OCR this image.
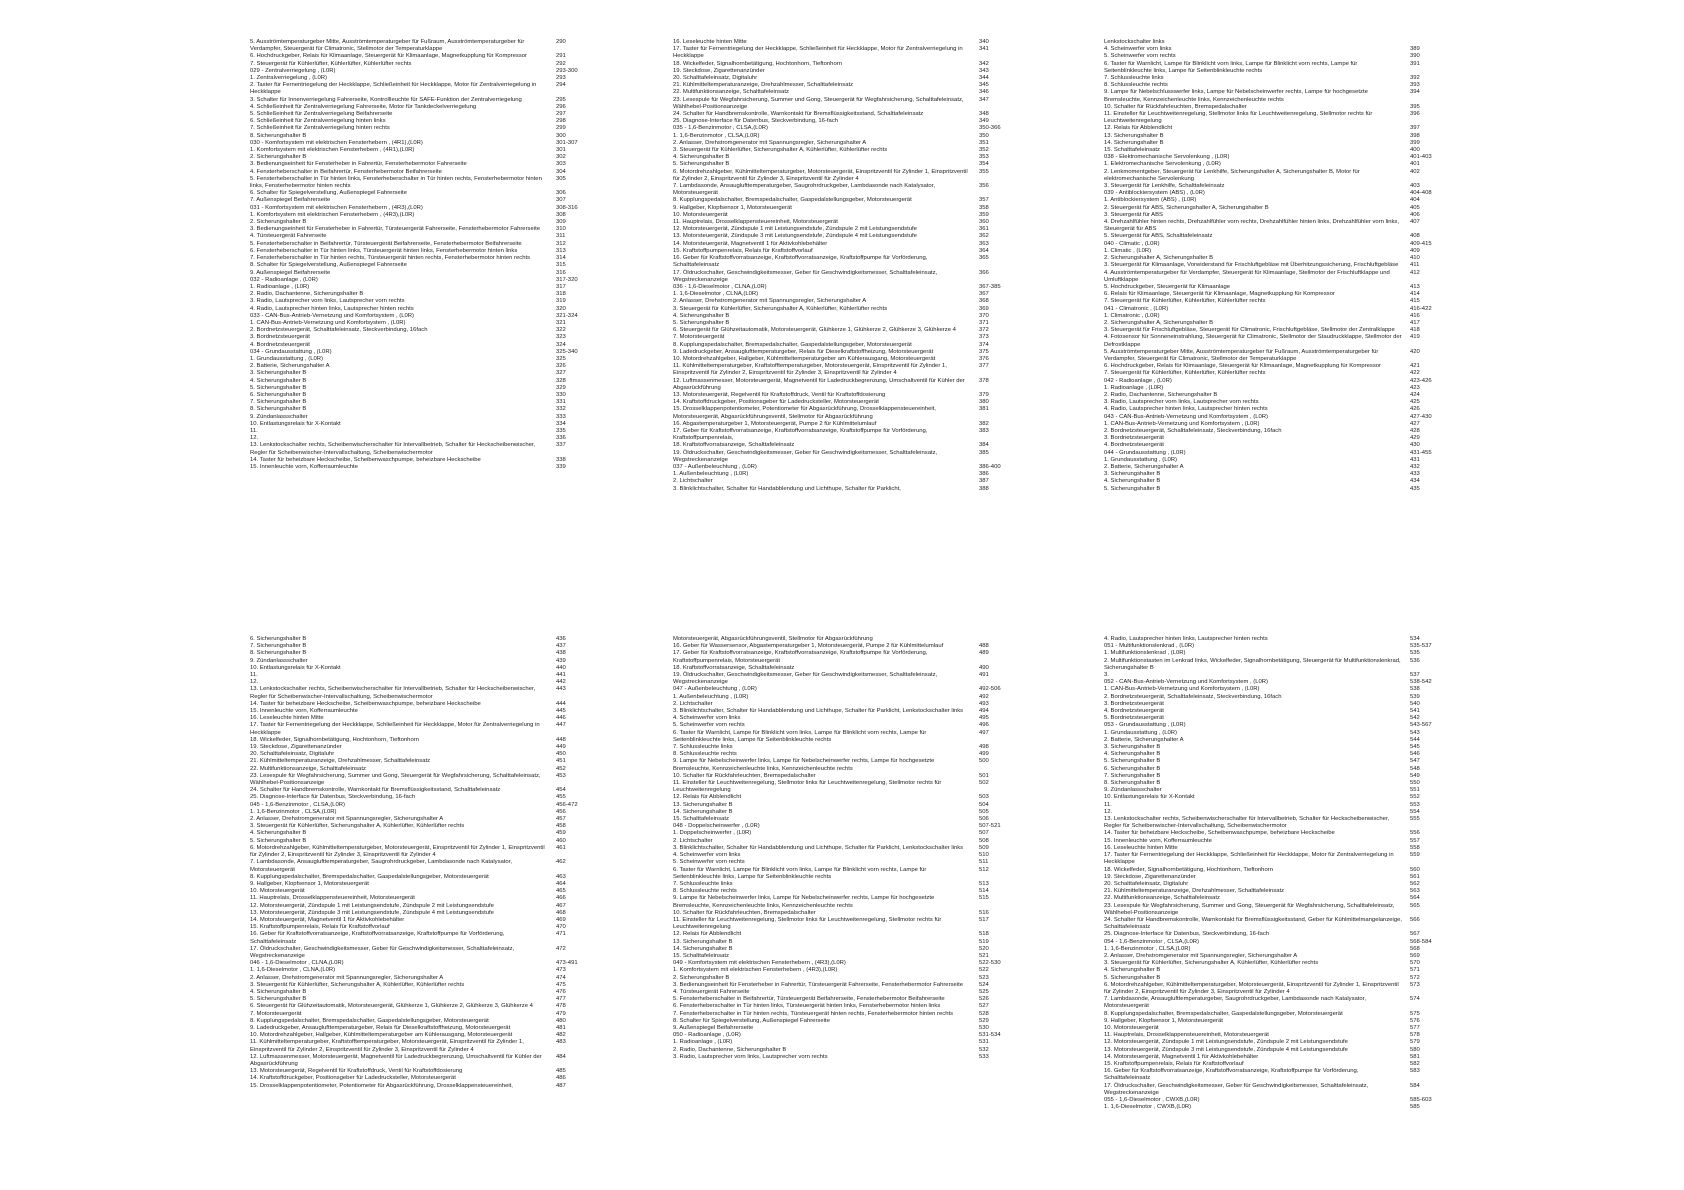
5. Ausströmtemperaturgeber Mitte, Ausströmtemperaturgeber für Fußraum, Ausströmtemperaturgeber für Verdampfer, Steuergerät für Climatronic, Stellmotor der Temperaturklappe
290
6. Hochdruckgeber, Relais für Klimaanlage, Steuergerät für Klimaanlage, Magnetkupplung für Kompressor	291
7. Steuergerät für Kühlerlüfter, Kühlerlüfter, Kühlerlüfter rechts	292
029 - Zentralverriegelung , (L0R)	293-300
1. Zentralverriegelung , (L0R)	293
2. Taster für Fernentriegelung der Heckklappe, Schließeinheit für Heckklappe, Motor für Zentralverriegelung in Heckklappe
294
3. Schalter für Innenverriegelung Fahrerseite, Kontrollleuchte für SAFE-Funktion der Zentralverriegelung	295
4. Schließeinheit für Zentralverriegelung Fahrerseite, Motor für Tankdeckelverriegelung	296
5. Schließeinheit für Zentralverriegelung Beifahrerseite	297
6. Schließeinheit für Zentralverriegelung hinten links	298
7. Schließeinheit für Zentralverriegelung hinten rechts	299
8. Sicherungshalter B	300
030 - Komfortsystem mit elektrischen Fensterhebern , (4R1),(L0R)	301-307
1. Komfortsystem mit elektrischen Fensterhebern , (4R1),(L0R)	301
2. Sicherungshalter B	302
3. Bedienungseinheit für Fensterheber in Fahrertür, Fensterhebermotor Fahrerseite	303
4. Fensterheberschalter in Beifahrertür, Fensterhebermotor Beifahrerseite	304
5. Fensterheberschalter in Tür hinten links, Fensterheberschalter in Tür hinten rechts, Fensterhebermotor hinten links, Fensterhebermotor hinten rechts
305
6. Schalter für Spiegelverstellung, Außenspiegel Fahrerseite	306
7. Außenspiegel Beifahrerseite	307
031 - Komfortsystem mit elektrischen Fensterhebern , (4R3),(L0R)	308-316
1. Komfortsystem mit elektrischen Fensterhebern , (4R3),(L0R)	308
2. Sicherungshalter B	309
3. Bedienungseinheit für Fensterheber in Fahrertür, Türsteuergerät Fahrerseite, Fensterhebermotor Fahrerseite	310
4. Türsteuergerät Fahrerseite	311
5. Fensterheberschalter in Beifahrertür, Türsteuergerät Beifahrerseite, Fensterhebermotor Beifahrerseite	312
6. Fensterheberschalter in Tür hinten links, Türsteuergerät hinten links, Fensterhebermotor hinten links	313
7. Fensterheberschalter in Tür hinten rechts, Türsteuergerät hinten rechts, Fensterhebermotor hinten rechts	314
8. Schalter für Spiegelverstellung, Außenspiegel Fahrerseite	315
9. Außenspiegel Beifahrerseite	316
032 - Radioanlage , (L0R)	317-320
1. Radioanlage , (L0R)	317
2. Radio, Dachantenne, Sicherungshalter B	318
3. Radio, Lautsprecher vorn links, Lautsprecher vorn rechts	319
4. Radio, Lautsprecher hinten links, Lautsprecher hinten rechts	320
033 - CAN-Bus-Antrieb-Vernetzung und Komfortsystem , (L0R)	321-324
1. CAN-Bus-Antrieb-Vernetzung und Komfortsystem , (L0R)	321
2. Bordnetzsteuergerät, Schalttafeleinsatz, Steckverbindung, 16fach	322
3. Bordnetzsteuergerät	323
4. Bordnetzsteuergerät	324
034 - Grundausstattung , (L0R)	325-340
1. Grundausstattung , (L0R)	325
2. Batterie, Sicherungshalter A	326
3. Sicherungshalter B	327
4. Sicherungshalter B	328
5. Sicherungshalter B	329
6. Sicherungshalter B	330
7. Sicherungshalter B	331
8. Sicherungshalter B	332
9. Zündanlassschalter	333
10. Entlastungsrelais für X-Kontakt	334
11.	335
12.	336
13. Lenkstockschalter rechts, Scheibenwischerschalter für Intervallbetrieb, Schalter für Heckscheibenwischer, Regler für Scheibenwischer-Intervallschaltung, Scheibenwischermotor
337
14. Taster für beheizbare Heckscheibe, Scheibenwaschpumpe, beheizbare Heckscheibe	338
15. Innenleuchte vorn, Kofferraumleuchte	339
16. Leseleuchte hinten Mitte	340
17. Taster für Fernentriegelung der Heckklappe, Schließeinheit für Heckklappe, Motor für Zentralverriegelung in Heckklappe
341
18. Wickelfeder, Signalhornbetätigung, Hochtonhorn, Tieftonhorn	342
19. Steckdose, Zigarettenanzünder	343
20. Schalttafeleinsatz, Digitaluhr	344
21. Kühlmitteltemperaturanzeige, Drehzahlmesser, Schalttafeleinsatz	345
22. Multifunktionsanzeige, Schalttafeleinsatz	346
23. Lesespule für Wegfahrsicherung, Summer und Gong, Steuergerät für Wegfahrsicherung, Schalttafeleinsatz, Wählhebel-Positionsanzeige
347
24. Schalter für Handbremskontrolle, Warnkontakt für Bremsflüssigkeitsstand, Schalttafeleinsatz	348
25. Diagnose-Interface für Datenbus, Steckverbindung, 16-fach	349
035 - 1,6-Benzinmotor , CLSA,(L0R)	350-366
1. 1,6-Benzinmotor , CLSA,(L0R)	350
2. Anlasser, Drehstromgenerator mit Spannungsregler, Sicherungshalter A	351
3. Steuergerät für Kühlerlüfter, Sicherungshalter A, Kühlerlüfter, Kühlerlüfter rechts	352
4. Sicherungshalter B	353
5. Sicherungshalter B	354
6. Motordrehzahlgeber, Kühlmitteltemperaturgeber, Motorsteuergerät, Einspritzventil für Zylinder 1, Einspritzventil für Zylinder 2, Einspritzventil für Zylinder 3, Einspritzventil für Zylinder 4
355
7. Lambdasonde, Ansauglufttemperaturgeber, Saugrohrdruckgeber, Lambdasonde nach Katalysator, Motorsteuergerät
356
8. Kupplungspedalschalter, Bremspedalschalter, Gaspedalstellungsgeber, Motorsteuergerät	357
9. Hallgeber, Klopfsensor 1, Motorsteuergerät	358
10. Motorsteuergerät	359
11. Hauptrelais, Drosselklappensteuereinheit, Motorsteuergerät	360
12. Motorsteuergerät, Zündspule 1 mit Leistungsendstufe, Zündspule 2 mit Leistungsendstufe	361
13. Motorsteuergerät, Zündspule 3 mit Leistungsendstufe, Zündspule 4 mit Leistungsendstufe	362
14. Motorsteuergerät, Magnetventil 1 für Aktivkohlebehälter	363
15. Kraftstoffpumpenrelais, Relais für Kraftstoffvorlauf	364
16. Geber für Kraftstoffvorratsanzeige, Kraftstoffvorratsanzeige, Kraftstoffpumpe für Vorförderung, Schalttafeleinsatz
365
17. Öldruckschalter, Geschwindigkeitsmesser, Geber für Geschwindigkeitsmesser, Schalttafeleinsatz, Wegstreckenanzeige
366
036 - 1,6-Dieselmotor , CLNA,(L0R)	367-385
1. 1,6-Dieselmotor , CLNA,(L0R)	367
2. Anlasser, Drehstromgenerator mit Spannungsregler, Sicherungshalter A	368
3. Steuergerät für Kühlerlüfter, Sicherungshalter A, Kühlerlüfter, Kühlerlüfter rechts	369
4. Sicherungshalter B	370
5. Sicherungshalter B	371
6. Steuergerät für Glühzeitautomatik, Motorsteuergerät, Glühkerze 1, Glühkerze 2, Glühkerze 3, Glühkerze 4	372
7. Motorsteuergerät	373
8. Kupplungspedalschalter, Bremspedalschalter, Gaspedalstellungsgeber, Motorsteuergerät	374
9. Ladedruckgeber, Ansauglufttemperaturgeber, Relais für Dieselkraftstoffheizung, Motorsteuergerät	375
10. Motordrehzahlgeber, Hallgeber, Kühlmitteltemperaturgeber am Kühlerausgang, Motorsteuergerät	376
11. Kühlmitteltemperaturgeber, Kraftstofftemperaturgeber, Motorsteuergerät, Einspritzventil für Zylinder 1, Einspritzventil für Zylinder 2, Einspritzventil für Zylinder 3, Einspritzventil für Zylinder 4
377
12. Luftmassenmesser, Motorsteuergerät, Magnetventil für Ladedruckbegrenzung, Umschaltventil für Kühler der Abgasrückführung
378
13. Motorsteuergerät, Regelventil für Kraftstoffdruck, Ventil für Kraftstoffdosierung	379
14. Kraftstoffdruckgeber, Positionsgeber für Ladedrucksteller, Motorsteuergerät	380
15. Drosselklappenpotentiometer, Potentiometer für Abgasrückführung, Drosselklappensteuereinheit, Motorsteuergerät, Abgasrückführungsventil, Stellmotor für Abgasrückführung
381
16. Abgastemperaturgeber 1, Motorsteuergerät, Pumpe 2 für Kühlmittelumlauf	382
17. Geber für Kraftstoffvorratsanzeige, Kraftstoffvorratsanzeige, Kraftstoffpumpe für Vorförderung, Kraftstoffpumpenrelais,
383
18. Kraftstoffvorratsanzeige, Schalttafeleinsatz	384
19. Öldruckschalter, Geschwindigkeitsmesser, Geber für Geschwindigkeitsmesser, Schalttafeleinsatz, Wegstreckenanzeige
385
037 - Außenbeleuchtung , (L0R)	386-400
1. Außenbeleuchtung , (L0R)	386
2. Lichtschalter	387
3. Blinklichtschalter, Schalter für Handabblendung und Lichthupe, Schalter für Parklicht,	388
Lenkstockschalter links
4. Scheinwerfer vorn links	389
5. Scheinwerfer vorn rechts	390
6. Taster für Warnlicht, Lampe für Blinklicht vorn links, Lampe für Blinklicht vorn rechts, Lampe für Seitenblinkleuchte links, Lampe für Seitenblinkleuchte rechts
391
7. Schlussleuchte links	392
8. Schlussleuchte rechts	393
9. Lampe für Nebelschlusswerfer links, Lampe für Nebelscheinwerfer rechts, Lampe für hochgesetzte Bremsleuchte, Kennzeichenleuchte links, Kennzeichenleuchte rechts
394
10. Schalter für Rückfahrleuchten, Bremspedalschalter	395
11. Einsteller für Leuchtweitenregelung, Stellmotor links für Leuchtweitenregelung, Stellmotor rechts für Leuchtweitenregelung
396
12. Relais für Abblendlicht	397
13. Sicherungshalter B	398
14. Sicherungshalter B	399
15. Schalttafeleinsatz	400
038 - Elektromechanische Servolenkung , (L0R)	401-403
1. Elektromechanische Servolenkung , (L0R)	401
2. Lenkmomentgeber, Steuergerät für Lenkhilfe, Sicherungshalter A, Sicherungshalter B, Motor für elektromechanische Servolenkung
402
3. Steuergerät für Lenkhilfe, Schalttafeleinsatz	403
039 - Antiblockiersystem (ABS) , (L0R)	404-408
1. Antiblockiersystem (ABS) , (L0R)	404
2. Steuergerät für ABS, Sicherungshalter A, Sicherungshalter B	405
3. Steuergerät für ABS	406
4. Drehzahlfühler hinten rechts, Drehzahlfühler vorn rechts, Drehzahlfühler hinten links, Drehzahlfühler vorn links, Steuergerät für ABS
407
5. Steuergerät für ABS, Schalttafeleinsatz	408
040 - Climatic , (L0R)	409-415
1. Climatic , (L0R)	409
2. Sicherungshalter A, Sicherungshalter B	410
3. Steuergerät für Klimaanlage, Vorwiderstand für Frischluftgebläse mit Überhitzungssicherung, Frischluftgebläse	411
4. Ausströmtemperaturgeber für Verdampfer, Steuergerät für Klimaanlage, Stellmotor der Frischluftklappe und Umluftklappe
412
5. Hochdruckgeber, Steuergerät für Klimaanlage	413
6. Relais für Klimaanlage, Steuergerät für Klimaanlage, Magnetkupplung für Kompressor	414
7. Steuergerät für Kühlerlüfter, Kühlerlüfter, Kühlerlüfter rechts	415
041 - Climatronic , (L0R)	416-422
1. Climatronic , (L0R)	416
2. Sicherungshalter A, Sicherungshalter B	417
3. Steuergerät für Frischluftgebläse, Steuergerät für Climatronic, Frischluftgebläse, Stellmotor der Zentralklappe	418
4. Fotosensor für Sonneneinstrahlung, Steuergerät für Climatronic, Stellmotor der Staudruckklappe, Stellmotor der Defrostklappe
419
5. Ausströmtemperaturgeber Mitte, Ausströmtemperaturgeber für Fußraum, Ausströmtemperaturgeber für Verdampfer, Steuergerät für Climatronic, Stellmotor der Temperaturklappe
420
6. Hochdruckgeber, Relais für Klimaanlage, Steuergerät für Klimaanlage, Magnetkupplung für Kompressor	421
7. Steuergerät für Kühlerlüfter, Kühlerlüfter, Kühlerlüfter rechts	422
042 - Radioanlage , (L0R)	423-426
1. Radioanlage , (L0R)	423
2. Radio, Dachantenne, Sicherungshalter B	424
3. Radio, Lautsprecher vorn links, Lautsprecher vorn rechts	425
4. Radio, Lautsprecher hinten links, Lautsprecher hinten rechts	426
043 - CAN-Bus-Antrieb-Vernetzung und Komfortsystem , (L0R)	427-430
1. CAN-Bus-Antrieb-Vernetzung und Komfortsystem , (L0R)	427
2. Bordnetzsteuergerät, Schalttafeleinsatz, Steckverbindung, 16fach	428
3. Bordnetzsteuergerät	429
4. Bordnetzsteuergerät	430
044 - Grundausstattung , (L0R)	431-455
1. Grundausstattung , (L0R)	431
2. Batterie, Sicherungshalter A	432
3. Sicherungshalter B	433
4. Sicherungshalter B	434
5. Sicherungshalter B	435
6. Sicherungshalter B	436
7. Sicherungshalter B	437
8. Sicherungshalter B	438
9. Zündanlassschalter	439
10. Entlastungsrelais für X-Kontakt	440
11.	441
12.	442
13. Lenkstockschalter rechts, Scheibenwischerschalter für Intervallbetrieb, Schalter für Heckscheibenwischer, Regler für Scheibenwischer-Intervallschaltung, Scheibenwischermotor
443
14. Taster für beheizbare Heckscheibe, Scheibenwaschpumpe, beheizbare Heckscheibe	444
15. Innenleuchte vorn, Kofferraumleuchte	445
16. Leseleuchte hinten Mitte	446
17. Taster für Fernentriegelung der Heckklappe, Schließeinheit für Heckklappe, Motor für Zentralverriegelung in Heckklappe
447
18. Wickelfeder, Signalhornbetätigung, Hochtonhorn, Tieftonhorn	448
19. Steckdose, Zigarettenanzünder	449
20. Schalttafeleinsatz, Digitaluhr	450
21. Kühlmitteltemperaturanzeige, Drehzahlmesser, Schalttafeleinsatz	451
22. Multifunktionsanzeige, Schalttafeleinsatz	452
23. Lesespule für Wegfahrsicherung, Summer und Gong, Steuergerät für Wegfahrsicherung, Schalttafeleinsatz, Wählhebel-Positionsanzeige
453
24. Schalter für Handbremskontrolle, Warnkontakt für Bremsflüssigkeitsstand, Schalttafeleinsatz	454
25. Diagnose-Interface für Datenbus, Steckverbindung, 16-fach	455
045 - 1,6-Benzinmotor , CLSA,(L0R)	456-472
1. 1,6-Benzinmotor , CLSA,(L0R)	456
2. Anlasser, Drehstromgenerator mit Spannungsregler, Sicherungshalter A	457
3. Steuergerät für Kühlerlüfter, Sicherungshalter A, Kühlerlüfter, Kühlerlüfter rechts	458
4. Sicherungshalter B	459
5. Sicherungshalter B	460
6. Motordrehzahlgeber, Kühlmitteltemperaturgeber, Motorsteuergerät, Einspritzventil für Zylinder 1, Einspritzventil für Zylinder 2, Einspritzventil für Zylinder 3, Einspritzventil für Zylinder 4
461
7. Lambdasonde, Ansauglufttemperaturgeber, Saugrohrdruckgeber, Lambdasonde nach Katalysator, Motorsteuergerät
462
8. Kupplungspedalschalter, Bremspedalschalter, Gaspedalstellungsgeber, Motorsteuergerät	463
9. Hallgeber, Klopfsensor 1, Motorsteuergerät	464
10. Motorsteuergerät	465
11. Hauptrelais, Drosselklappensteuereinheit, Motorsteuergerät	466
12. Motorsteuergerät, Zündspule 1 mit Leistungsendstufe, Zündspule 2 mit Leistungsendstufe	467
13. Motorsteuergerät, Zündspule 3 mit Leistungsendstufe, Zündspule 4 mit Leistungsendstufe	468
14. Motorsteuergerät, Magnetventil 1 für Aktivkohlebehälter	469
15. Kraftstoffpumpenrelais, Relais für Kraftstoffvorlauf	470
16. Geber für Kraftstoffvorratsanzeige, Kraftstoffvorratsanzeige, Kraftstoffpumpe für Vorförderung, Schalttafeleinsatz
471
17. Öldruckschalter, Geschwindigkeitsmesser, Geber für Geschwindigkeitsmesser, Schalttafeleinsatz, Wegstreckenanzeige
472
046 - 1,6-Dieselmotor , CLNA,(L0R)	473-491
1. 1,6-Dieselmotor , CLNA,(L0R)	473
2. Anlasser, Drehstromgenerator mit Spannungsregler, Sicherungshalter A	474
3. Steuergerät für Kühlerlüfter, Sicherungshalter A, Kühlerlüfter, Kühlerlüfter rechts	475
4. Sicherungshalter B	476
5. Sicherungshalter B	477
6. Steuergerät für Glühzeitautomatik, Motorsteuergerät, Glühkerze 1, Glühkerze 2, Glühkerze 3, Glühkerze 4	478
7. Motorsteuergerät	479
8. Kupplungspedalschalter, Bremspedalschalter, Gaspedalstellungsgeber, Motorsteuergerät	480
9. Ladedruckgeber, Ansauglufttemperaturgeber, Relais für Dieselkraftstoffheizung, Motorsteuergerät	481
10. Motordrehzahlgeber, Hallgeber, Kühlmitteltemperaturgeber am Kühlerausgang, Motorsteuergerät	482
11. Kühlmitteltemperaturgeber, Kraftstofftemperaturgeber, Motorsteuergerät, Einspritzventil für Zylinder 1, Einspritzventil für Zylinder 2, Einspritzventil für Zylinder 3, Einspritzventil für Zylinder 4
483
12. Luftmassenmesser, Motorsteuergerät, Magnetventil für Ladedruckbegrenzung, Umschaltventil für Kühler der Abgasrückführung
484
13. Motorsteuergerät, Regelventil für Kraftstoffdruck, Ventil für Kraftstoffdosierung	485
14. Kraftstoffdruckgeber, Positionsgeber für Ladedrucksteller, Motorsteuergerät	486
15. Drosselklappenpotentiometer, Potentiometer für Abgasrückführung, Drosselklappensteuereinheit,	487
Motorsteuergerät, Abgasrückführungsventil, Stellmotor für Abgasrückführung
16. Geber für Wassersensor, Abgastemperaturgeber 1, Motorsteuergerät, Pumpe 2 für Kühlmittelumlauf	488
17. Geber für Kraftstoffvorratsanzeige, Kraftstoffvorratsanzeige, Kraftstoffpumpe für Vorförderung, Kraftstoffpumpenrelais, Motorsteuergerät
489
18. Kraftstoffvorratsanzeige, Schalttafeleinsatz	490
19. Öldruckschalter, Geschwindigkeitsmesser, Geber für Geschwindigkeitsmesser, Schalttafeleinsatz, Wegstreckenanzeige
491
047 - Außenbeleuchtung , (L0R)	492-506
1. Außenbeleuchtung , (L0R)	492
2. Lichtschalter	493
3. Blinklichtschalter, Schalter für Handabblendung und Lichthupe, Schalter für Parklicht, Lenkstockschalter links	494
4. Scheinwerfer vorn links	495
5. Scheinwerfer vorn rechts	496
6. Taster für Warnlicht, Lampe für Blinklicht vorn links, Lampe für Blinklicht vorn rechts, Lampe für Seitenblinkleuchte links, Lampe für Seitenblinkleuchte rechts
497
7. Schlussleuchte links	498
8. Schlussleuchte rechts	499
9. Lampe für Nebelscheinwerfer links, Lampe für Nebelscheinwerfer rechts, Lampe für hochgesetzte Bremsleuchte, Kennzeichenleuchte links, Kennzeichenleuchte rechts
500
10. Schalter für Rückfahrleuchten, Bremspedalschalter	501
11. Einsteller für Leuchtweitenregelung, Stellmotor links für Leuchtweitenregelung, Stellmotor rechts für Leuchtweitenregelung
502
12. Relais für Abblendlicht	503
13. Sicherungshalter B	504
14. Sicherungshalter B	505
15. Schalttafeleinsatz	506
048 - Doppelscheinwerfer , (L0R)	507-521
1. Doppelscheinwerfer , (L0R)	507
2. Lichtschalter	508
3. Blinklichtschalter, Schalter für Handabblendung und Lichthupe, Schalter für Parklicht, Lenkstockschalter links	509
4. Scheinwerfer vorn links	510
5. Scheinwerfer vorn rechts	511
6. Taster für Warnlicht, Lampe für Blinklicht vorn links, Lampe für Blinklicht vorn rechts, Lampe für Seitenblinkleuchte links, Lampe für Seitenblinkleuchte rechts
512
7. Schlussleuchte links	513
8. Schlussleuchte rechts	514
9. Lampe für Nebelscheinwerfer links, Lampe für Nebelscheinwerfer rechts, Lampe für hochgesetzte Bremsleuchte, Kennzeichenleuchte links, Kennzeichenleuchte rechts
515
10. Schalter für Rückfahrleuchten, Bremspedalschalter	516
11. Einsteller für Leuchtweitenregelung, Stellmotor links für Leuchtweitenregelung, Stellmotor rechts für Leuchtweitenregelung
517
12. Relais für Abblendlicht	518
13. Sicherungshalter B	519
14. Sicherungshalter B	520
15. Schalttafeleinsatz	521
049 - Komfortsystem mit elektrischen Fensterhebern , (4R3),(L0R)	522-530
1. Komfortsystem mit elektrischen Fensterhebern , (4R3),(L0R)	522
2. Sicherungshalter B	523
3. Bedienungseinheit für Fensterheber in Fahrertür, Türsteuergerät Fahrerseite, Fensterhebermotor Fahrerseite	524
4. Türsteuergerät Fahrerseite	525
5. Fensterheberschalter in Beifahrertür, Türsteuergerät Beifahrerseite, Fensterhebermotor Beifahrerseite	526
6. Fensterheberschalter in Tür hinten links, Türsteuergerät hinten links, Fensterhebermotor hinten links	527
7. Fensterheberschalter in Tür hinten rechts, Türsteuergerät hinten rechts, Fensterhebermotor hinten rechts	528
8. Schalter für Spiegelverstellung, Außenspiegel Fahrerseite	529
9. Außenspiegel Beifahrerseite	530
050 - Radioanlage , (L0R)	531-534
1. Radioanlage , (L0R)	531
2. Radio, Dachantenne, Sicherungshalter B	532
3. Radio, Lautsprecher vorn links, Lautsprecher vorn rechts	533
4. Radio, Lautsprecher hinten links, Lautsprecher hinten rechts	534
051 - Multifunktionslenkrad , (L0R)	535-537
1. Multifunktionslenkrad , (L0R)	535
2. Multifunktionstasten im Lenkrad links, Wickelfeder, Signalhornbetätigung, Steuergerät für Multifunktionslenkrad, Sicherungshalter B
536
3.	537
052 - CAN-Bus-Antrieb-Vernetzung und Komfortsystem , (L0R)	538-542
1. CAN-Bus-Antrieb-Vernetzung und Komfortsystem , (L0R)	538
2. Bordnetzsteuergerät, Schalttafeleinsatz, Steckverbindung, 16fach	539
3. Bordnetzsteuergerät	540
4. Bordnetzsteuergerät	541
5. Bordnetzsteuergerät	542
053 - Grundausstattung , (L0R)	543-567
1. Grundausstattung , (L0R)	543
2. Batterie, Sicherungshalter A	544
3. Sicherungshalter B	545
4. Sicherungshalter B	546
5. Sicherungshalter B	547
6. Sicherungshalter B	548
7. Sicherungshalter B	549
8. Sicherungshalter B	550
9. Zündanlassschalter	551
10. Entlastungsrelais für X-Kontakt	552
11.	553
12.	554
13. Lenkstockschalter rechts, Scheibenwischerschalter für Intervallbetrieb, Schalter für Heckscheibenwischer, Regler für Scheibenwischer-Intervallschaltung, Scheibenwischermotor
555
14. Taster für beheizbare Heckscheibe, Scheibenwaschpumpe, beheizbare Heckscheibe	556
15. Innenleuchte vorn, Kofferraumleuchte	557
16. Leseleuchte hinten Mitte	558
17. Taster für Fernentriegelung der Heckklappe, Schließeinheit für Heckklappe, Motor für Zentralverriegelung in Heckklappe
559
18. Wickelfeder, Signalhornbetätigung, Hochtonhorn, Tieftonhorn	560
19. Steckdose, Zigarettenanzünder	561
20. Schalttafeleinsatz, Digitaluhr	562
21. Kühlmitteltemperaturanzeige, Drehzahlmesser, Schalttafeleinsatz	563
22. Multifunktionsanzeige, Schalttafeleinsatz	564
23. Lesespule für Wegfahrsicherung, Summer und Gong, Steuergerät für Wegfahrsicherung, Schalttafeleinsatz, Wählhebel-Positionsanzeige
565
24. Schalter für Handbremskontrolle, Warnkontakt für Bremsflüssigkeitsstand, Geber für Kühlmittelmangelanzeige, Schalttafeleinsatz
566
25. Diagnose-Interface für Datenbus, Steckverbindung, 16-fach	567
054 - 1,6-Benzinmotor , CLSA,(L0R)	568-584
1. 1,6-Benzinmotor , CLSA,(L0R)	568
2. Anlasser, Drehstromgenerator mit Spannungsregler, Sicherungshalter A	569
3. Steuergerät für Kühlerlüfter, Sicherungshalter A, Kühlerlüfter, Kühlerlüfter rechts	570
4. Sicherungshalter B	571
5. Sicherungshalter B	572
6. Motordrehzahlgeber, Kühlmitteltemperaturgeber, Motorsteuergerät, Einspritzventil für Zylinder 1, Einspritzventil für Zylinder 2, Einspritzventil für Zylinder 3, Einspritzventil für Zylinder 4
573
7. Lambdasonde, Ansauglufttemperaturgeber, Saugrohrdruckgeber, Lambdasonde nach Katalysator, Motorsteuergerät
574
8. Kupplungspedalschalter, Bremspedalschalter, Gaspedalstellungsgeber, Motorsteuergerät	575
9. Hallgeber, Klopfsensor 1, Motorsteuergerät	576
10. Motorsteuergerät	577
11. Hauptrelais, Drosselklappensteuereinheit, Motorsteuergerät	578
12. Motorsteuergerät, Zündspule 1 mit Leistungsendstufe, Zündspule 2 mit Leistungsendstufe	579
13. Motorsteuergerät, Zündspule 3 mit Leistungsendstufe, Zündspule 4 mit Leistungsendstufe	580
14. Motorsteuergerät, Magnetventil 1 für Aktivkohlebehälter	581
15. Kraftstoffpumpenrelais, Relais für Kraftstoffvorlauf	582
16. Geber für Kraftstoffvorratsanzeige, Kraftstoffvorratsanzeige, Kraftstoffpumpe für Vorförderung, Schalttafeleinsatz
583
17. Öldruckschalter, Geschwindigkeitsmesser, Geber für Geschwindigkeitsmesser, Schalttafeleinsatz, Wegstreckenanzeige
584
055 - 1,6-Dieselmotor , CWXB,(L0R)	585-603
1. 1,6-Dieselmotor , CWXB,(L0R)	585
